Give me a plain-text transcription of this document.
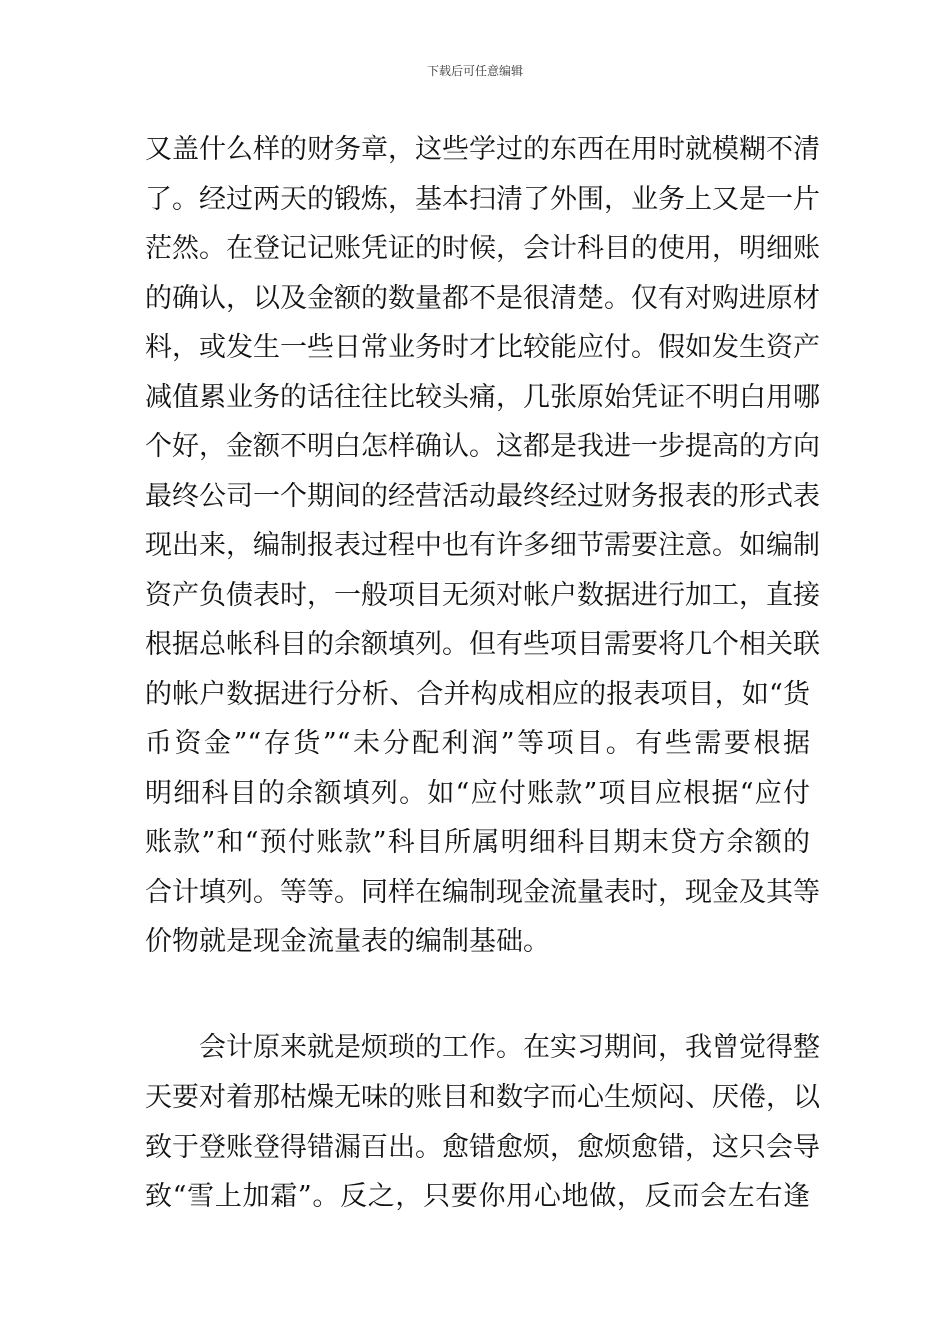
下载后可任意编辑
又盖什么样的财务章，这些学过的东西在用时就模糊不清
了。经过两天的锻炼，基本扫清了外围，业务上又是一片
茫然。在登记记账凭证的时候，会计科目的使用，明细账
的确认，以及金额的数量都不是很清楚。仅有对购进原材
料，或发生一些日常业务时才比较能应付。假如发生资产
减值累业务的话往往比较头痛，几张原始凭证不明白用哪
个好，金额不明白怎样确认。这都是我进一步提高的方向
最终公司一个期间的经营活动最终经过财务报表的形式表
现出来，编制报表过程中也有许多细节需要注意。如编制
资产负债表时，一般项目无须对帐户数据进行加工，直接
根据总帐科目的余额填列。但有些项目需要将几个相关联
的帐户数据进行分析、合并构成相应的报表项目，如“货
币资金”“存货”“未分配利润”等项目。有些需要根据
明细科目的余额填列。如“应付账款”项目应根据“应付
账款”和“预付账款”科目所属明细科目期末贷方余额的
合计填列。等等。同样在编制现金流量表时，现金及其等
价物就是现金流量表的编制基础。
会计原来就是烦琐的工作。在实习期间，我曾觉得整
天要对着那枯燥无味的账目和数字而心生烦闷、厌倦，以
致于登账登得错漏百出。愈错愈烦，愈烦愈错，这只会导
致“雪上加霜”。反之，只要你用心地做，反而会左右逢
